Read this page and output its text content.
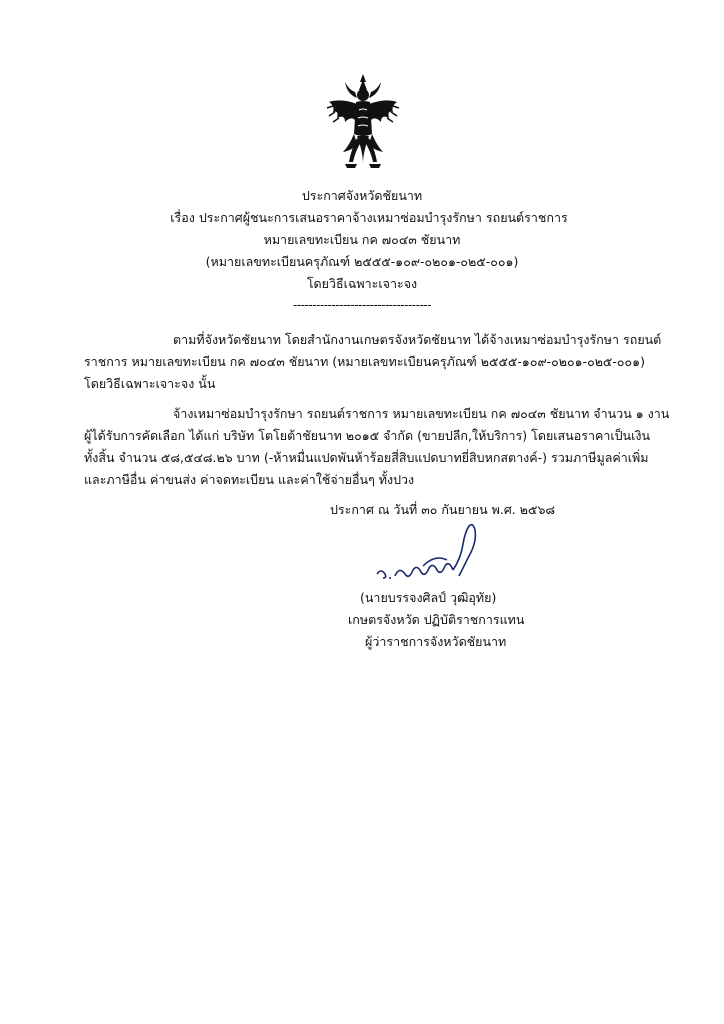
ประกาศจังหวัดชัยนาท
เรื่อง ประกาศผู้ชนะการเสนอราคาจ้างเหมาซ่อมบำรุงรักษา รถยนต์ราชการ
หมายเลขทะเบียน กค ๗๐๔๓ ชัยนาท
(หมายเลขทะเบียนครุภัณฑ์ ๒๕๕๕-๑๐๙-๐๒๐๑-๐๒๕-๐๐๑)
โดยวิธีเฉพาะเจาะจง
------------------------------------
ตามที่จังหวัดชัยนาท โดยสำนักงานเกษตรจังหวัดชัยนาท ได้จ้างเหมาซ่อมบำรุงรักษา รถยนต์
ราชการ หมายเลขทะเบียน กค ๗๐๔๓ ชัยนาท (หมายเลขทะเบียนครุภัณฑ์ ๒๕๕๕-๑๐๙-๐๒๐๑-๐๒๕-๐๐๑)
โดยวิธีเฉพาะเจาะจง นั้น
จ้างเหมาซ่อมบำรุงรักษา รถยนต์ราชการ หมายเลขทะเบียน กค ๗๐๔๓ ชัยนาท จำนวน ๑ งาน
ผู้ได้รับการคัดเลือก ได้แก่ บริษัท โตโยต้าชัยนาท ๒๐๑๕ จำกัด (ขายปลีก,ให้บริการ) โดยเสนอราคาเป็นเงิน
ทั้งสิ้น จำนวน ๕๘,๕๔๘.๒๖ บาท (-ห้าหมื่นแปดพันห้าร้อยสี่สิบแปดบาทยี่สิบหกสตางค์-) รวมภาษีมูลค่าเพิ่ม
และภาษีอื่น ค่าขนส่ง ค่าจดทะเบียน และค่าใช้จ่ายอื่นๆ ทั้งปวง
ประกาศ ณ วันที่ ๓๐ กันยายน พ.ศ. ๒๕๖๘
(นายบรรจงศิลป์ วุฒิอุทัย)
เกษตรจังหวัด ปฏิบัติราชการแทน
ผู้ว่าราชการจังหวัดชัยนาท
